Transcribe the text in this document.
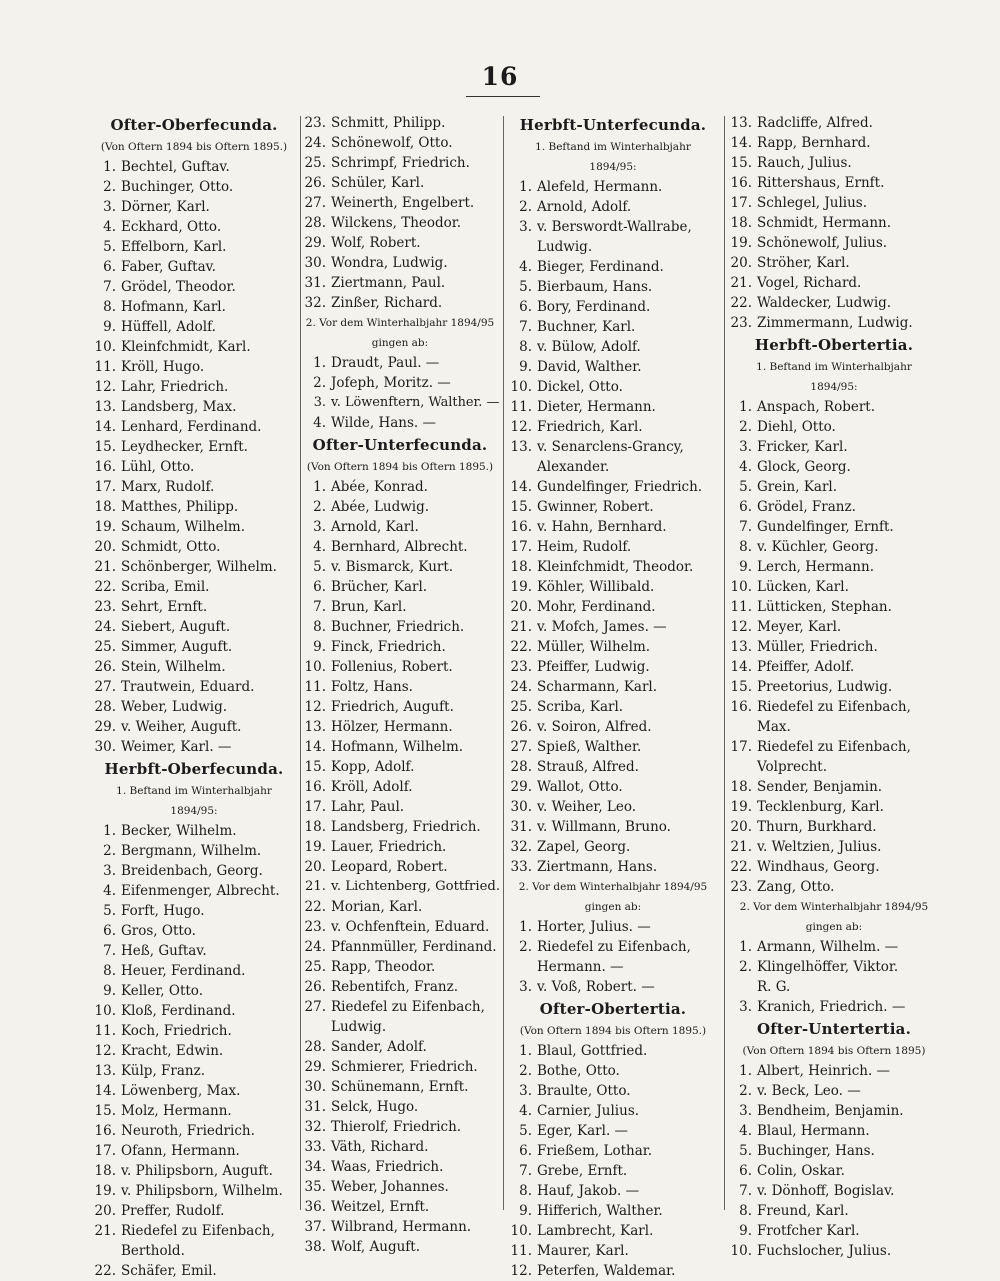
16
Ofter-Oberfecunda.
(Von Oftern 1894 bis Oftern 1895.)
1. Bechtel, Guftav.
2. Buchinger, Otto.
3. Dörner, Karl.
4. Eckhard, Otto.
5. Effelborn, Karl.
6. Faber, Guftav.
7. Grödel, Theodor.
8. Hofmann, Karl.
9. Hüffell, Adolf.
10. Kleinfchmidt, Karl.
11. Kröll, Hugo.
12. Lahr, Friedrich.
13. Landsberg, Max.
14. Lenhard, Ferdinand.
15. Leydhecker, Ernft.
16. Lühl, Otto.
17. Marx, Rudolf.
18. Matthes, Philipp.
19. Schaum, Wilhelm.
20. Schmidt, Otto.
21. Schönberger, Wilhelm.
22. Scriba, Emil.
23. Sehrt, Ernft.
24. Siebert, Auguft.
25. Simmer, Auguft.
26. Stein, Wilhelm.
27. Trautwein, Eduard.
28. Weber, Ludwig.
29. v. Weiher, Auguft.
30. Weimer, Karl. —
Herbft-Oberfecunda.
1. Beftand im Winterhalbjahr
1894/95:
1. Becker, Wilhelm.
2. Bergmann, Wilhelm.
3. Breidenbach, Georg.
4. Eifenmenger, Albrecht.
5. Forft, Hugo.
6. Gros, Otto.
7. Heß, Guftav.
8. Heuer, Ferdinand.
9. Keller, Otto.
10. Kloß, Ferdinand.
11. Koch, Friedrich.
12. Kracht, Edwin.
13. Külp, Franz.
14. Löwenberg, Max.
15. Molz, Hermann.
16. Neuroth, Friedrich.
17. Ofann, Hermann.
18. v. Philipsborn, Auguft.
19. v. Philipsborn, Wilhelm.
20. Preffer, Rudolf.
21. Riedefel zu Eifenbach,
Berthold.
22. Schäfer, Emil.
23. Schmitt, Philipp.
24. Schönewolf, Otto.
25. Schrimpf, Friedrich.
26. Schüler, Karl.
27. Weinerth, Engelbert.
28. Wilckens, Theodor.
29. Wolf, Robert.
30. Wondra, Ludwig.
31. Ziertmann, Paul.
32. Zinßer, Richard.
2. Vor dem Winterhalbjahr 1894/95
gingen ab:
1. Draudt, Paul. —
2. Jofeph, Moritz. —
3. v. Löwenftern, Walther. —
4. Wilde, Hans. —
Ofter-Unterfecunda.
(Von Oftern 1894 bis Oftern 1895.)
1. Abée, Konrad.
2. Abée, Ludwig.
3. Arnold, Karl.
4. Bernhard, Albrecht.
5. v. Bismarck, Kurt.
6. Brücher, Karl.
7. Brun, Karl.
8. Buchner, Friedrich.
9. Finck, Friedrich.
10. Follenius, Robert.
11. Foltz, Hans.
12. Friedrich, Auguft.
13. Hölzer, Hermann.
14. Hofmann, Wilhelm.
15. Kopp, Adolf.
16. Kröll, Adolf.
17. Lahr, Paul.
18. Landsberg, Friedrich.
19. Lauer, Friedrich.
20. Leopard, Robert.
21. v. Lichtenberg, Gottfried.
22. Morian, Karl.
23. v. Ochfenftein, Eduard.
24. Pfannmüller, Ferdinand.
25. Rapp, Theodor.
26. Rebentifch, Franz.
27. Riedefel zu Eifenbach,
Ludwig.
28. Sander, Adolf.
29. Schmierer, Friedrich.
30. Schünemann, Ernft.
31. Selck, Hugo.
32. Thierolf, Friedrich.
33. Väth, Richard.
34. Waas, Friedrich.
35. Weber, Johannes.
36. Weitzel, Ernft.
37. Wilbrand, Hermann.
38. Wolf, Auguft.
Herbft-Unterfecunda.
1. Beftand im Winterhalbjahr
1894/95:
1. Alefeld, Hermann.
2. Arnold, Adolf.
3. v. Berswordt-Wallrabe,
Ludwig.
4. Bieger, Ferdinand.
5. Bierbaum, Hans.
6. Bory, Ferdinand.
7. Buchner, Karl.
8. v. Bülow, Adolf.
9. David, Walther.
10. Dickel, Otto.
11. Dieter, Hermann.
12. Friedrich, Karl.
13. v. Senarclens-Grancy,
Alexander.
14. Gundelfinger, Friedrich.
15. Gwinner, Robert.
16. v. Hahn, Bernhard.
17. Heim, Rudolf.
18. Kleinfchmidt, Theodor.
19. Köhler, Willibald.
20. Mohr, Ferdinand.
21. v. Mofch, James. —
22. Müller, Wilhelm.
23. Pfeiffer, Ludwig.
24. Scharmann, Karl.
25. Scriba, Karl.
26. v. Soiron, Alfred.
27. Spieß, Walther.
28. Strauß, Alfred.
29. Wallot, Otto.
30. v. Weiher, Leo.
31. v. Willmann, Bruno.
32. Zapel, Georg.
33. Ziertmann, Hans.
2. Vor dem Winterhalbjahr 1894/95
gingen ab:
1. Horter, Julius. —
2. Riedefel zu Eifenbach,
Hermann. —
3. v. Voß, Robert. —
Ofter-Obertertia.
(Von Oftern 1894 bis Oftern 1895.)
1. Blaul, Gottfried.
2. Bothe, Otto.
3. Braulte, Otto.
4. Carnier, Julius.
5. Eger, Karl. —
6. Frießem, Lothar.
7. Grebe, Ernft.
8. Hauf, Jakob. —
9. Hifferich, Walther.
10. Lambrecht, Karl.
11. Maurer, Karl.
12. Peterfen, Waldemar.
13. Radcliffe, Alfred.
14. Rapp, Bernhard.
15. Rauch, Julius.
16. Rittershaus, Ernft.
17. Schlegel, Julius.
18. Schmidt, Hermann.
19. Schönewolf, Julius.
20. Ströher, Karl.
21. Vogel, Richard.
22. Waldecker, Ludwig.
23. Zimmermann, Ludwig.
Herbft-Obertertia.
1. Beftand im Winterhalbjahr
1894/95:
1. Anspach, Robert.
2. Diehl, Otto.
3. Fricker, Karl.
4. Glock, Georg.
5. Grein, Karl.
6. Grödel, Franz.
7. Gundelfinger, Ernft.
8. v. Küchler, Georg.
9. Lerch, Hermann.
10. Lücken, Karl.
11. Lütticken, Stephan.
12. Meyer, Karl.
13. Müller, Friedrich.
14. Pfeiffer, Adolf.
15. Preetorius, Ludwig.
16. Riedefel zu Eifenbach,
Max.
17. Riedefel zu Eifenbach,
Volprecht.
18. Sender, Benjamin.
19. Tecklenburg, Karl.
20. Thurn, Burkhard.
21. v. Weltzien, Julius.
22. Windhaus, Georg.
23. Zang, Otto.
2. Vor dem Winterhalbjahr 1894/95
gingen ab:
1. Armann, Wilhelm. —
2. Klingelhöffer, Viktor.
R. G.
3. Kranich, Friedrich. —
Ofter-Untertertia.
(Von Oftern 1894 bis Oftern 1895)
1. Albert, Heinrich. —
2. v. Beck, Leo. —
3. Bendheim, Benjamin.
4. Blaul, Hermann.
5. Buchinger, Hans.
6. Colin, Oskar.
7. v. Dönhoff, Bogislav.
8. Freund, Karl.
9. Frotfcher Karl.
10. Fuchslocher, Julius.
